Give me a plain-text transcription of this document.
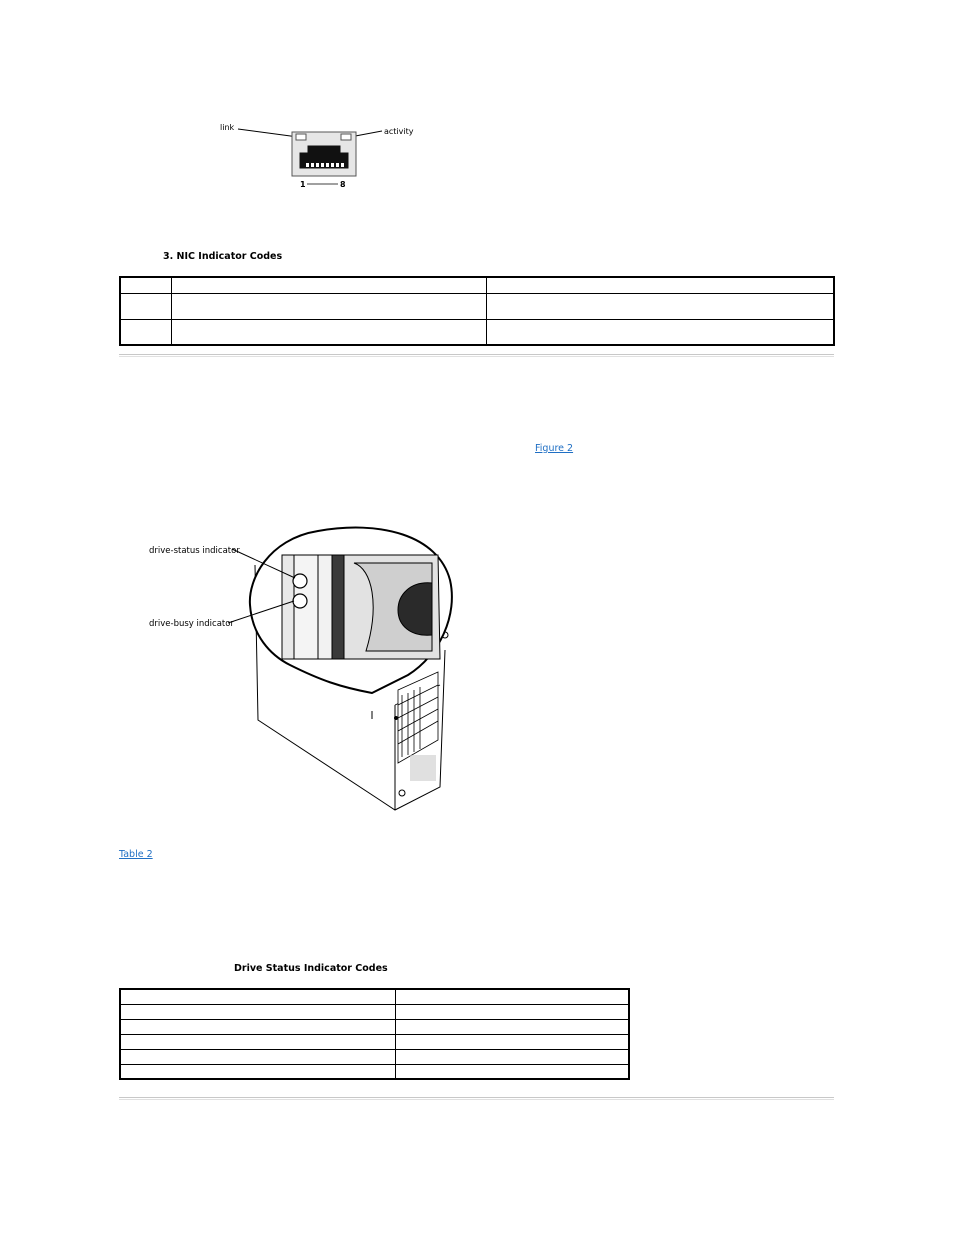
link	activity
1	8
3. NIC Indicator Codes

Figure 2
drive-status indicator
drive-busy indicator
Table 2
Drive Status Indicator Codes
